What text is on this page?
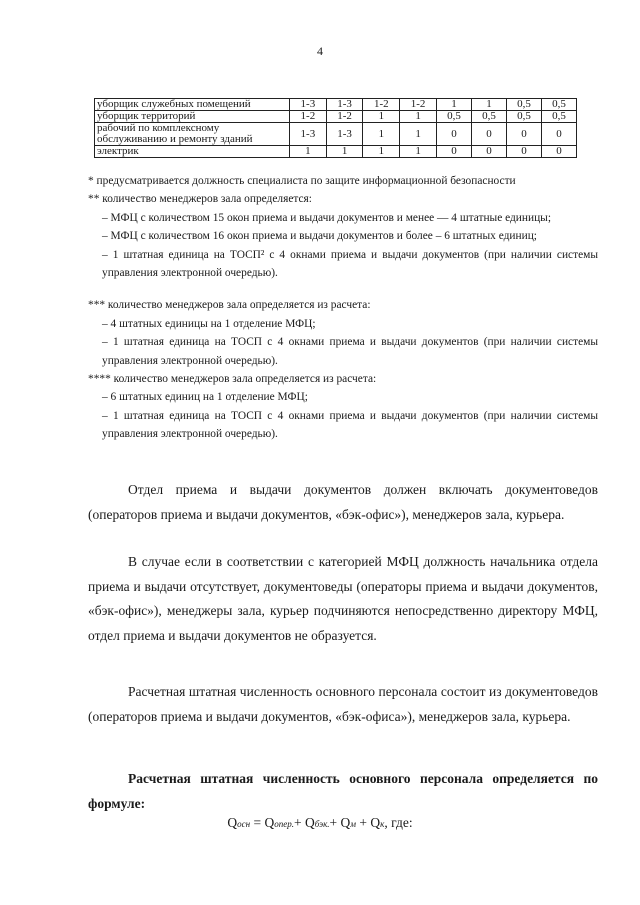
4
уборщик служебных помещений	1-3	1-3	1-2	1-2	1	1	0,5	0,5
уборщик территорий	1-2	1-2	1	1	0,5	0,5	0,5	0,5
рабочий по комплексному обслуживанию и ремонту зданий	1-3	1-3	1	1	0	0	0	0
электрик	1	1	1	1	0	0	0	0

* предусматривается должность специалиста по защите информационной безопасности

** количество менеджеров зала определяется:

– МФЦ с количеством 15 окон приема и выдачи документов и менее — 4 штатные единицы;

– МФЦ с количеством 16 окон приема и выдачи документов и более – 6 штатных единиц;

– 1 штатная единица на ТОСП² с 4 окнами приема и выдачи документов (при наличии системы управления электронной очередью).

*** количество менеджеров зала определяется из расчета:

– 4 штатных единицы на 1 отделение МФЦ;

– 1 штатная единица на ТОСП с 4 окнами приема и выдачи документов (при наличии системы управления электронной очередью).

**** количество менеджеров зала определяется из расчета:

– 6 штатных единиц на 1 отделение МФЦ;

– 1 штатная единица на ТОСП с 4 окнами приема и выдачи документов (при наличии системы управления электронной очередью).

Отдел приема и выдачи документов должен включать документоведов (операторов приема и выдачи документов, «бэк-офис»), менеджеров зала, курьера.

В случае если в соответствии с категорией МФЦ должность начальника отдела приема и выдачи отсутствует, документоведы (операторы приема и выдачи документов, «бэк-офис»), менеджеры зала, курьер подчиняются непосредственно директору МФЦ, отдел приема и выдачи документов не образуется.

Расчетная штатная численность основного персонала состоит из документоведов (операторов приема и выдачи документов, «бэк-офиса»), менеджеров зала, курьера.

Расчетная штатная численность основного персонала определяется по формуле:

Qосн = Qопер.+ Qбэк.+ Qм + Qк, где:
